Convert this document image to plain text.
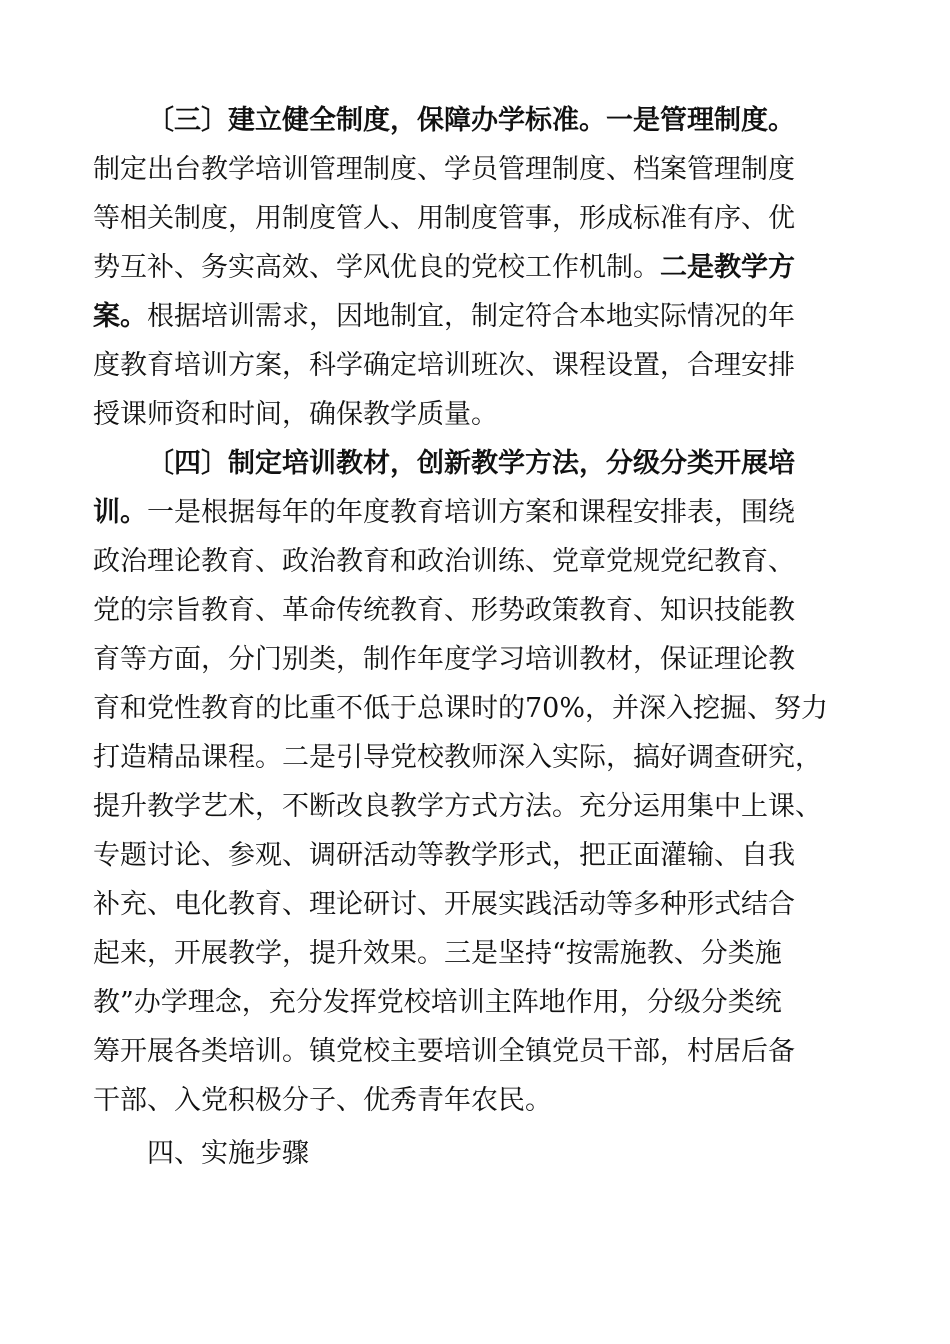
〔三〕建立健全制度，保障办学标准。一是管理制度。
制定出台教学培训管理制度、学员管理制度、档案管理制度
等相关制度，用制度管人、用制度管事，形成标准有序、优
势互补、务实高效、学风优良的党校工作机制。二是教学方
案。根据培训需求，因地制宜，制定符合本地实际情况的年
度教育培训方案，科学确定培训班次、课程设置，合理安排
授课师资和时间，确保教学质量。
〔四〕制定培训教材，创新教学方法，分级分类开展培
训。一是根据每年的年度教育培训方案和课程安排表，围绕
政治理论教育、政治教育和政治训练、党章党规党纪教育、
党的宗旨教育、革命传统教育、形势政策教育、知识技能教
育等方面，分门别类，制作年度学习培训教材，保证理论教
育和党性教育的比重不低于总课时的70%，并深入挖掘、努力
打造精品课程。二是引导党校教师深入实际，搞好调查研究，
提升教学艺术，不断改良教学方式方法。充分运用集中上课、
专题讨论、参观、调研活动等教学形式，把正面灌输、自我
补充、电化教育、理论研讨、开展实践活动等多种形式结合
起来，开展教学，提升效果。三是坚持“按需施教、分类施
教”办学理念，充分发挥党校培训主阵地作用，分级分类统
筹开展各类培训。镇党校主要培训全镇党员干部，村居后备
干部、入党积极分子、优秀青年农民。
四、实施步骤
